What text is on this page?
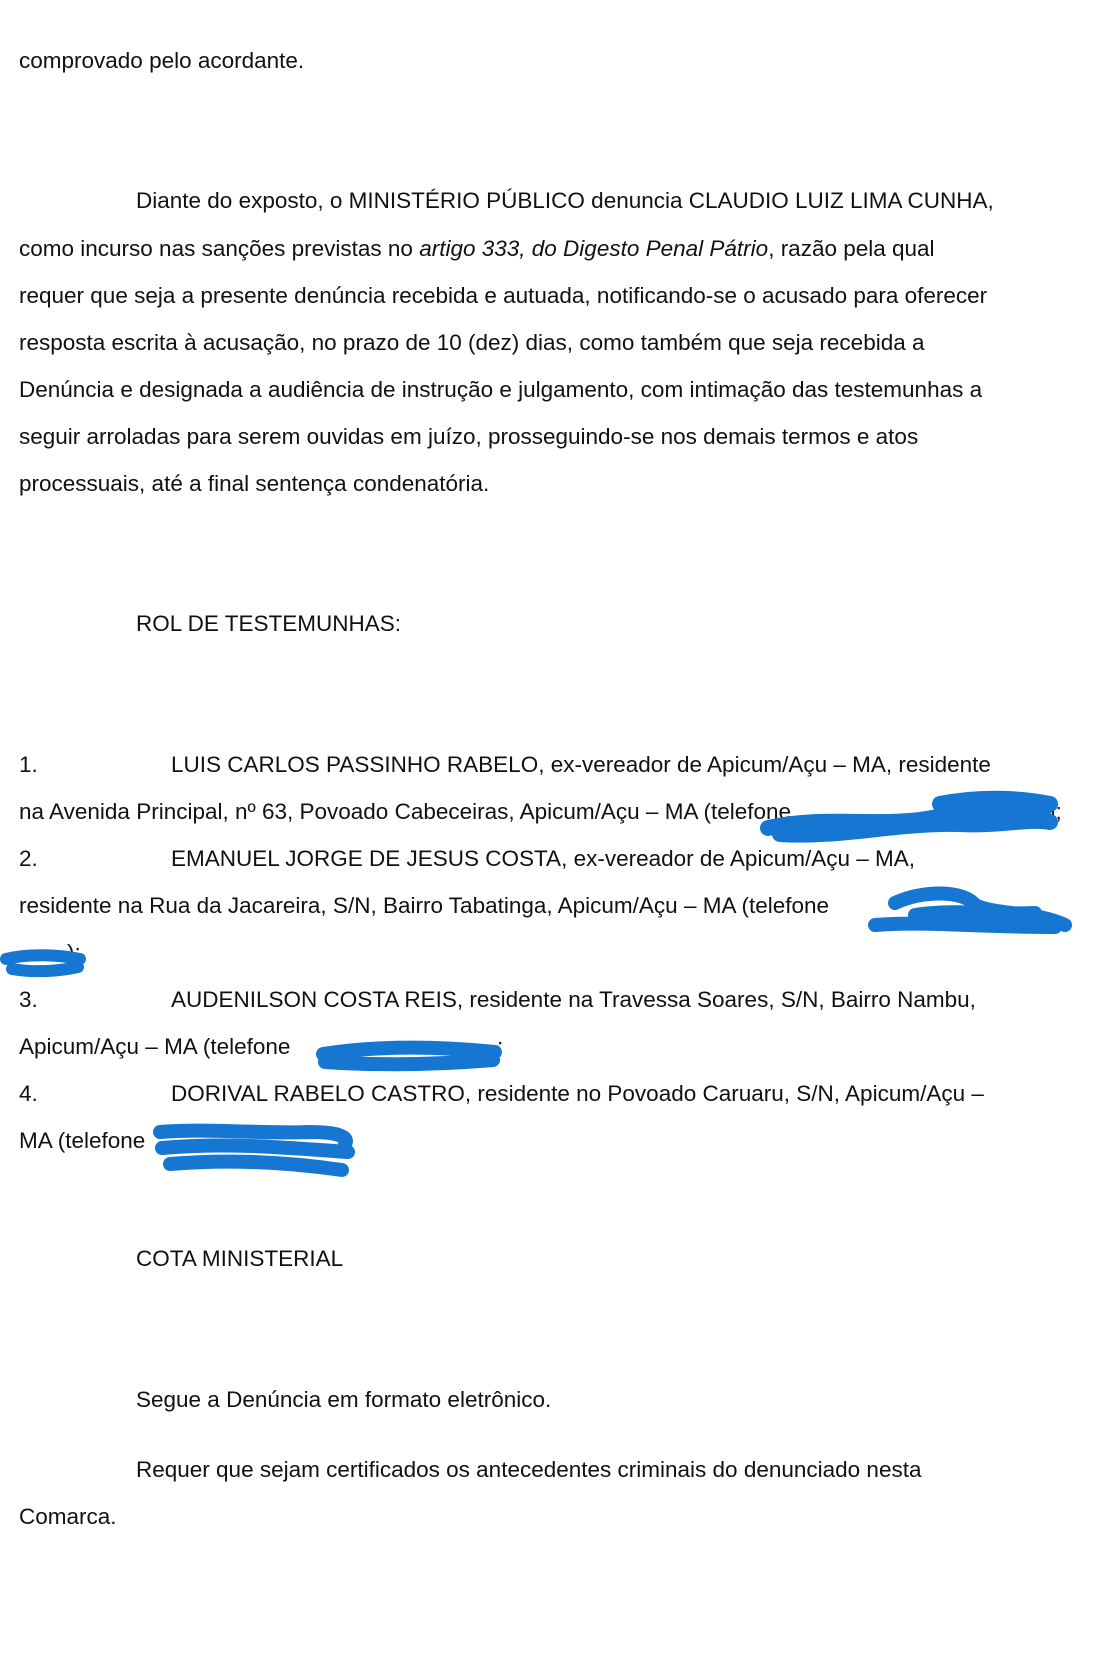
comprovado pelo acordante.
Diante do exposto, o MINISTÉRIO PÚBLICO denuncia CLAUDIO LUIZ LIMA CUNHA,
como incurso nas sanções previstas no artigo 333, do Digesto Penal Pátrio, razão pela qual
requer que seja a presente denúncia recebida e autuada, notificando-se o acusado para oferecer
resposta escrita à acusação, no prazo de 10 (dez) dias, como também que seja recebida a
Denúncia e designada a audiência de instrução e julgamento, com intimação das testemunhas a
seguir arroladas para serem ouvidas em juízo, prosseguindo-se nos demais termos e atos
processuais, até a final sentença condenatória.
ROL DE TESTEMUNHAS:
1.	LUIS CARLOS PASSINHO RABELO, ex-vereador de Apicum/Açu – MA, residente
na Avenida Principal, nº 63, Povoado Cabeceiras, Apicum/Açu – MA (telefone	);
2.	EMANUEL JORGE DE JESUS COSTA, ex-vereador de Apicum/Açu – MA,
residente na Rua da Jacareira, S/N, Bairro Tabatinga, Apicum/Açu – MA (telefone
);
3.	AUDENILSON COSTA REIS, residente na Travessa Soares, S/N, Bairro Nambu,
Apicum/Açu – MA (telefone	;
4.	DORIVAL RABELO CASTRO, residente no Povoado Caruaru, S/N, Apicum/Açu –
MA (telefone
COTA MINISTERIAL
Segue a Denúncia em formato eletrônico.
Requer que sejam certificados os antecedentes criminais do denunciado nesta
Comarca.
